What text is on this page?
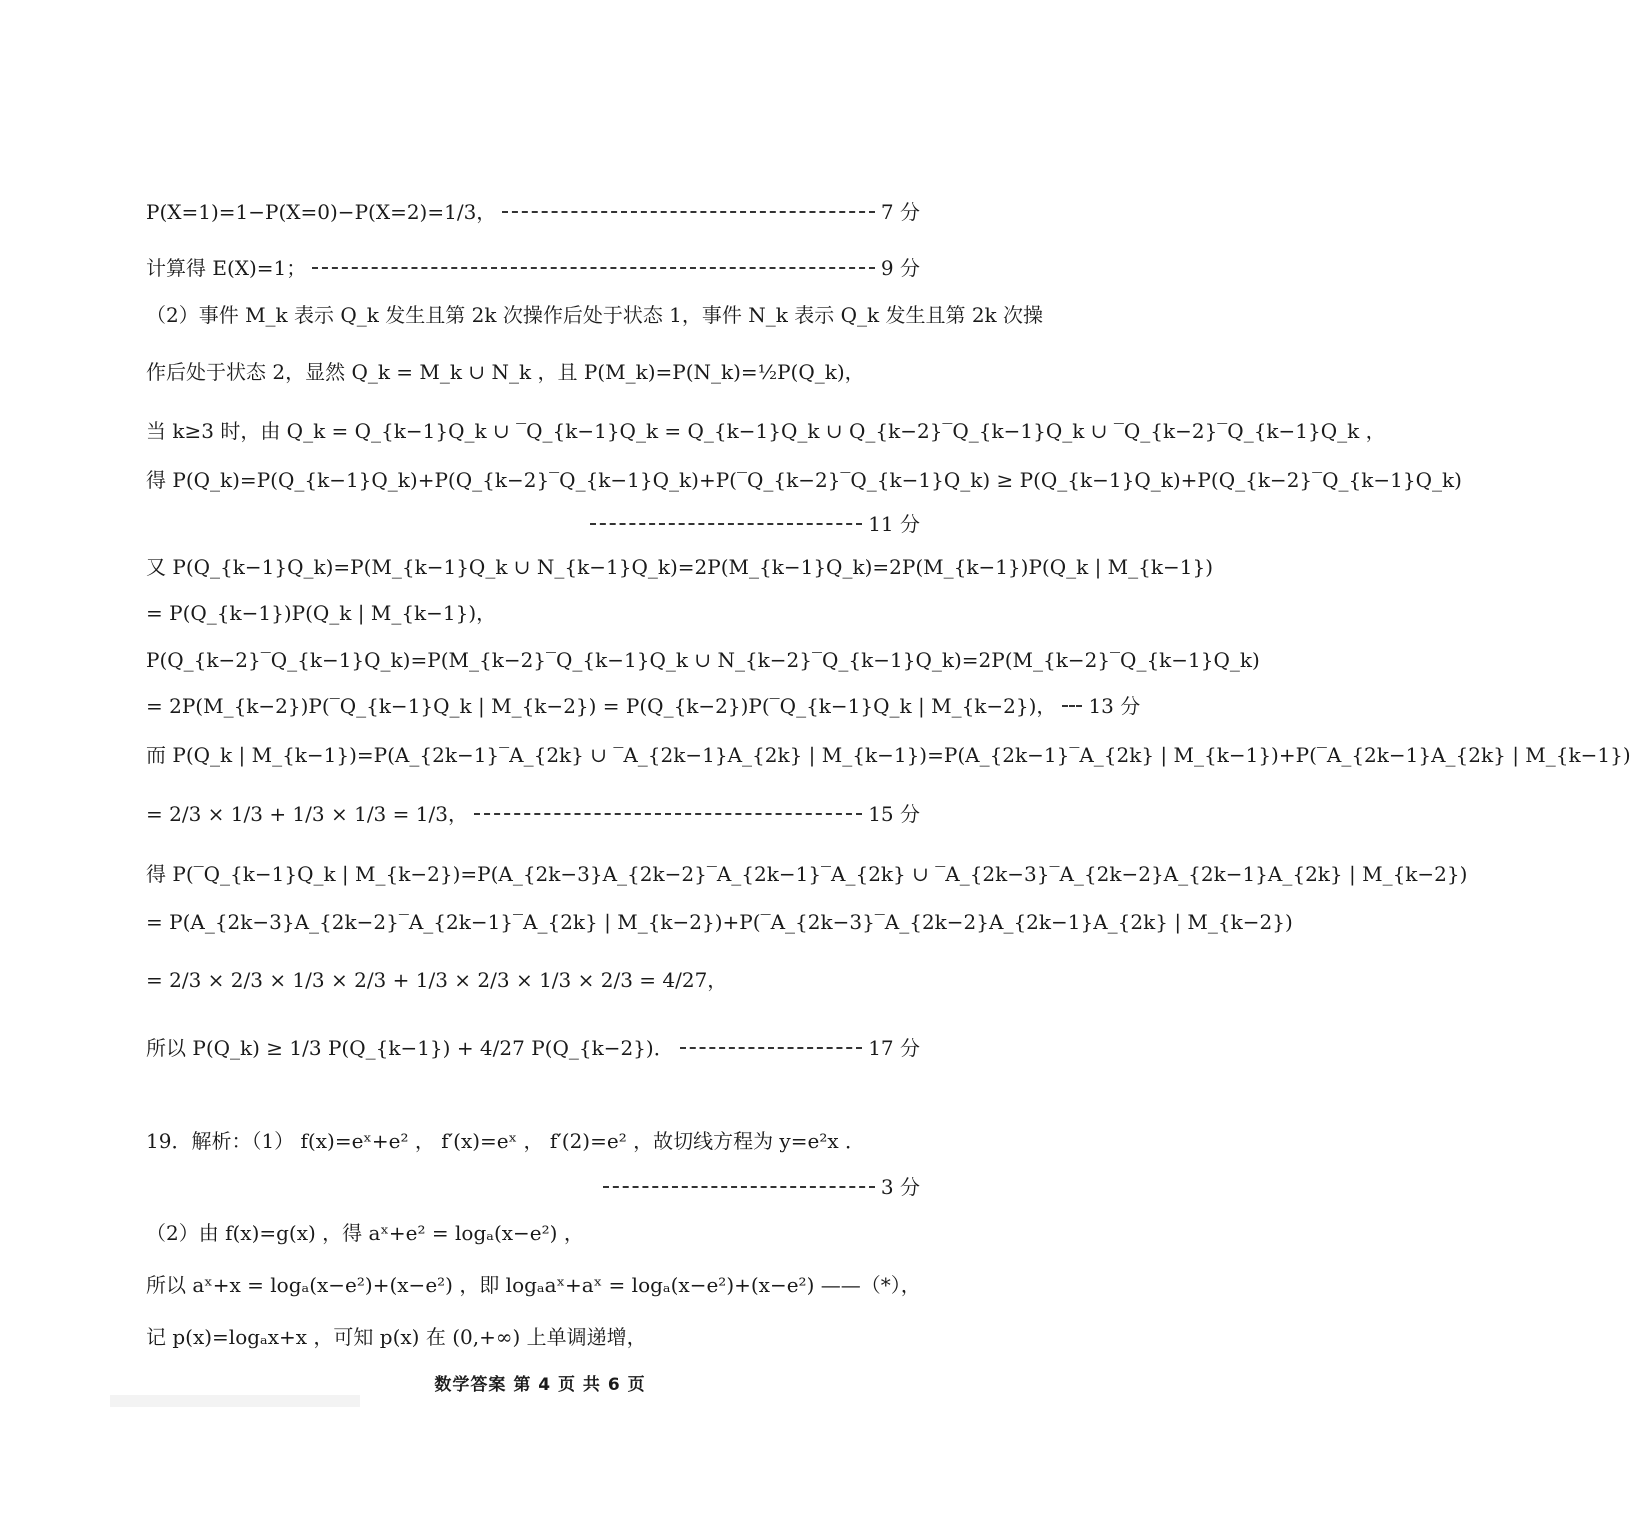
P(X=1)=1−P(X=0)−P(X=2)=1/3，	7 分
计算得 E(X)=1；	9 分
（2）事件 M_k 表示 Q_k 发生且第 2k 次操作后处于状态 1，事件 N_k 表示 Q_k 发生且第 2k 次操
作后处于状态 2，显然 Q_k = M_k ∪ N_k ，且 P(M_k)=P(N_k)=½P(Q_k)，
当 k≥3 时，由 Q_k = Q_{k−1}Q_k ∪ ‾Q_{k−1}Q_k = Q_{k−1}Q_k ∪ Q_{k−2}‾Q_{k−1}Q_k ∪ ‾Q_{k−2}‾Q_{k−1}Q_k ，
得 P(Q_k)=P(Q_{k−1}Q_k)+P(Q_{k−2}‾Q_{k−1}Q_k)+P(‾Q_{k−2}‾Q_{k−1}Q_k) ≥ P(Q_{k−1}Q_k)+P(Q_{k−2}‾Q_{k−1}Q_k)
11 分
又 P(Q_{k−1}Q_k)=P(M_{k−1}Q_k ∪ N_{k−1}Q_k)=2P(M_{k−1}Q_k)=2P(M_{k−1})P(Q_k | M_{k−1})
= P(Q_{k−1})P(Q_k | M_{k−1})，
P(Q_{k−2}‾Q_{k−1}Q_k)=P(M_{k−2}‾Q_{k−1}Q_k ∪ N_{k−2}‾Q_{k−1}Q_k)=2P(M_{k−2}‾Q_{k−1}Q_k)
= 2P(M_{k−2})P(‾Q_{k−1}Q_k | M_{k−2}) = P(Q_{k−2})P(‾Q_{k−1}Q_k | M_{k−2})， 13 分
而 P(Q_k | M_{k−1})=P(A_{2k−1}‾A_{2k} ∪ ‾A_{2k−1}A_{2k} | M_{k−1})=P(A_{2k−1}‾A_{2k} | M_{k−1})+P(‾A_{2k−1}A_{2k} | M_{k−1})
= 2/3 × 1/3 + 1/3 × 1/3 = 1/3，	15 分
得 P(‾Q_{k−1}Q_k | M_{k−2})=P(A_{2k−3}A_{2k−2}‾A_{2k−1}‾A_{2k} ∪ ‾A_{2k−3}‾A_{2k−2}A_{2k−1}A_{2k} | M_{k−2})
= P(A_{2k−3}A_{2k−2}‾A_{2k−1}‾A_{2k} | M_{k−2})+P(‾A_{2k−3}‾A_{2k−2}A_{2k−1}A_{2k} | M_{k−2})
= 2/3 × 2/3 × 1/3 × 2/3 + 1/3 × 2/3 × 1/3 × 2/3 = 4/27，
所以 P(Q_k) ≥ 1/3 P(Q_{k−1}) + 4/27 P(Q_{k−2})．	17 分
19．解析：（1） f(x)=eˣ+e² ， f′(x)=eˣ ， f′(2)=e² ，故切线方程为 y=e²x ．
3 分
（2）由 f(x)=g(x) ，得 aˣ+e² = logₐ(x−e²) ，
所以 aˣ+x = logₐ(x−e²)+(x−e²) ，即 logₐaˣ+aˣ = logₐ(x−e²)+(x−e²) ——（*），
记 p(x)=logₐx+x ，可知 p(x) 在 (0,+∞) 上单调递增，
数学答案 第 4 页 共 6 页
